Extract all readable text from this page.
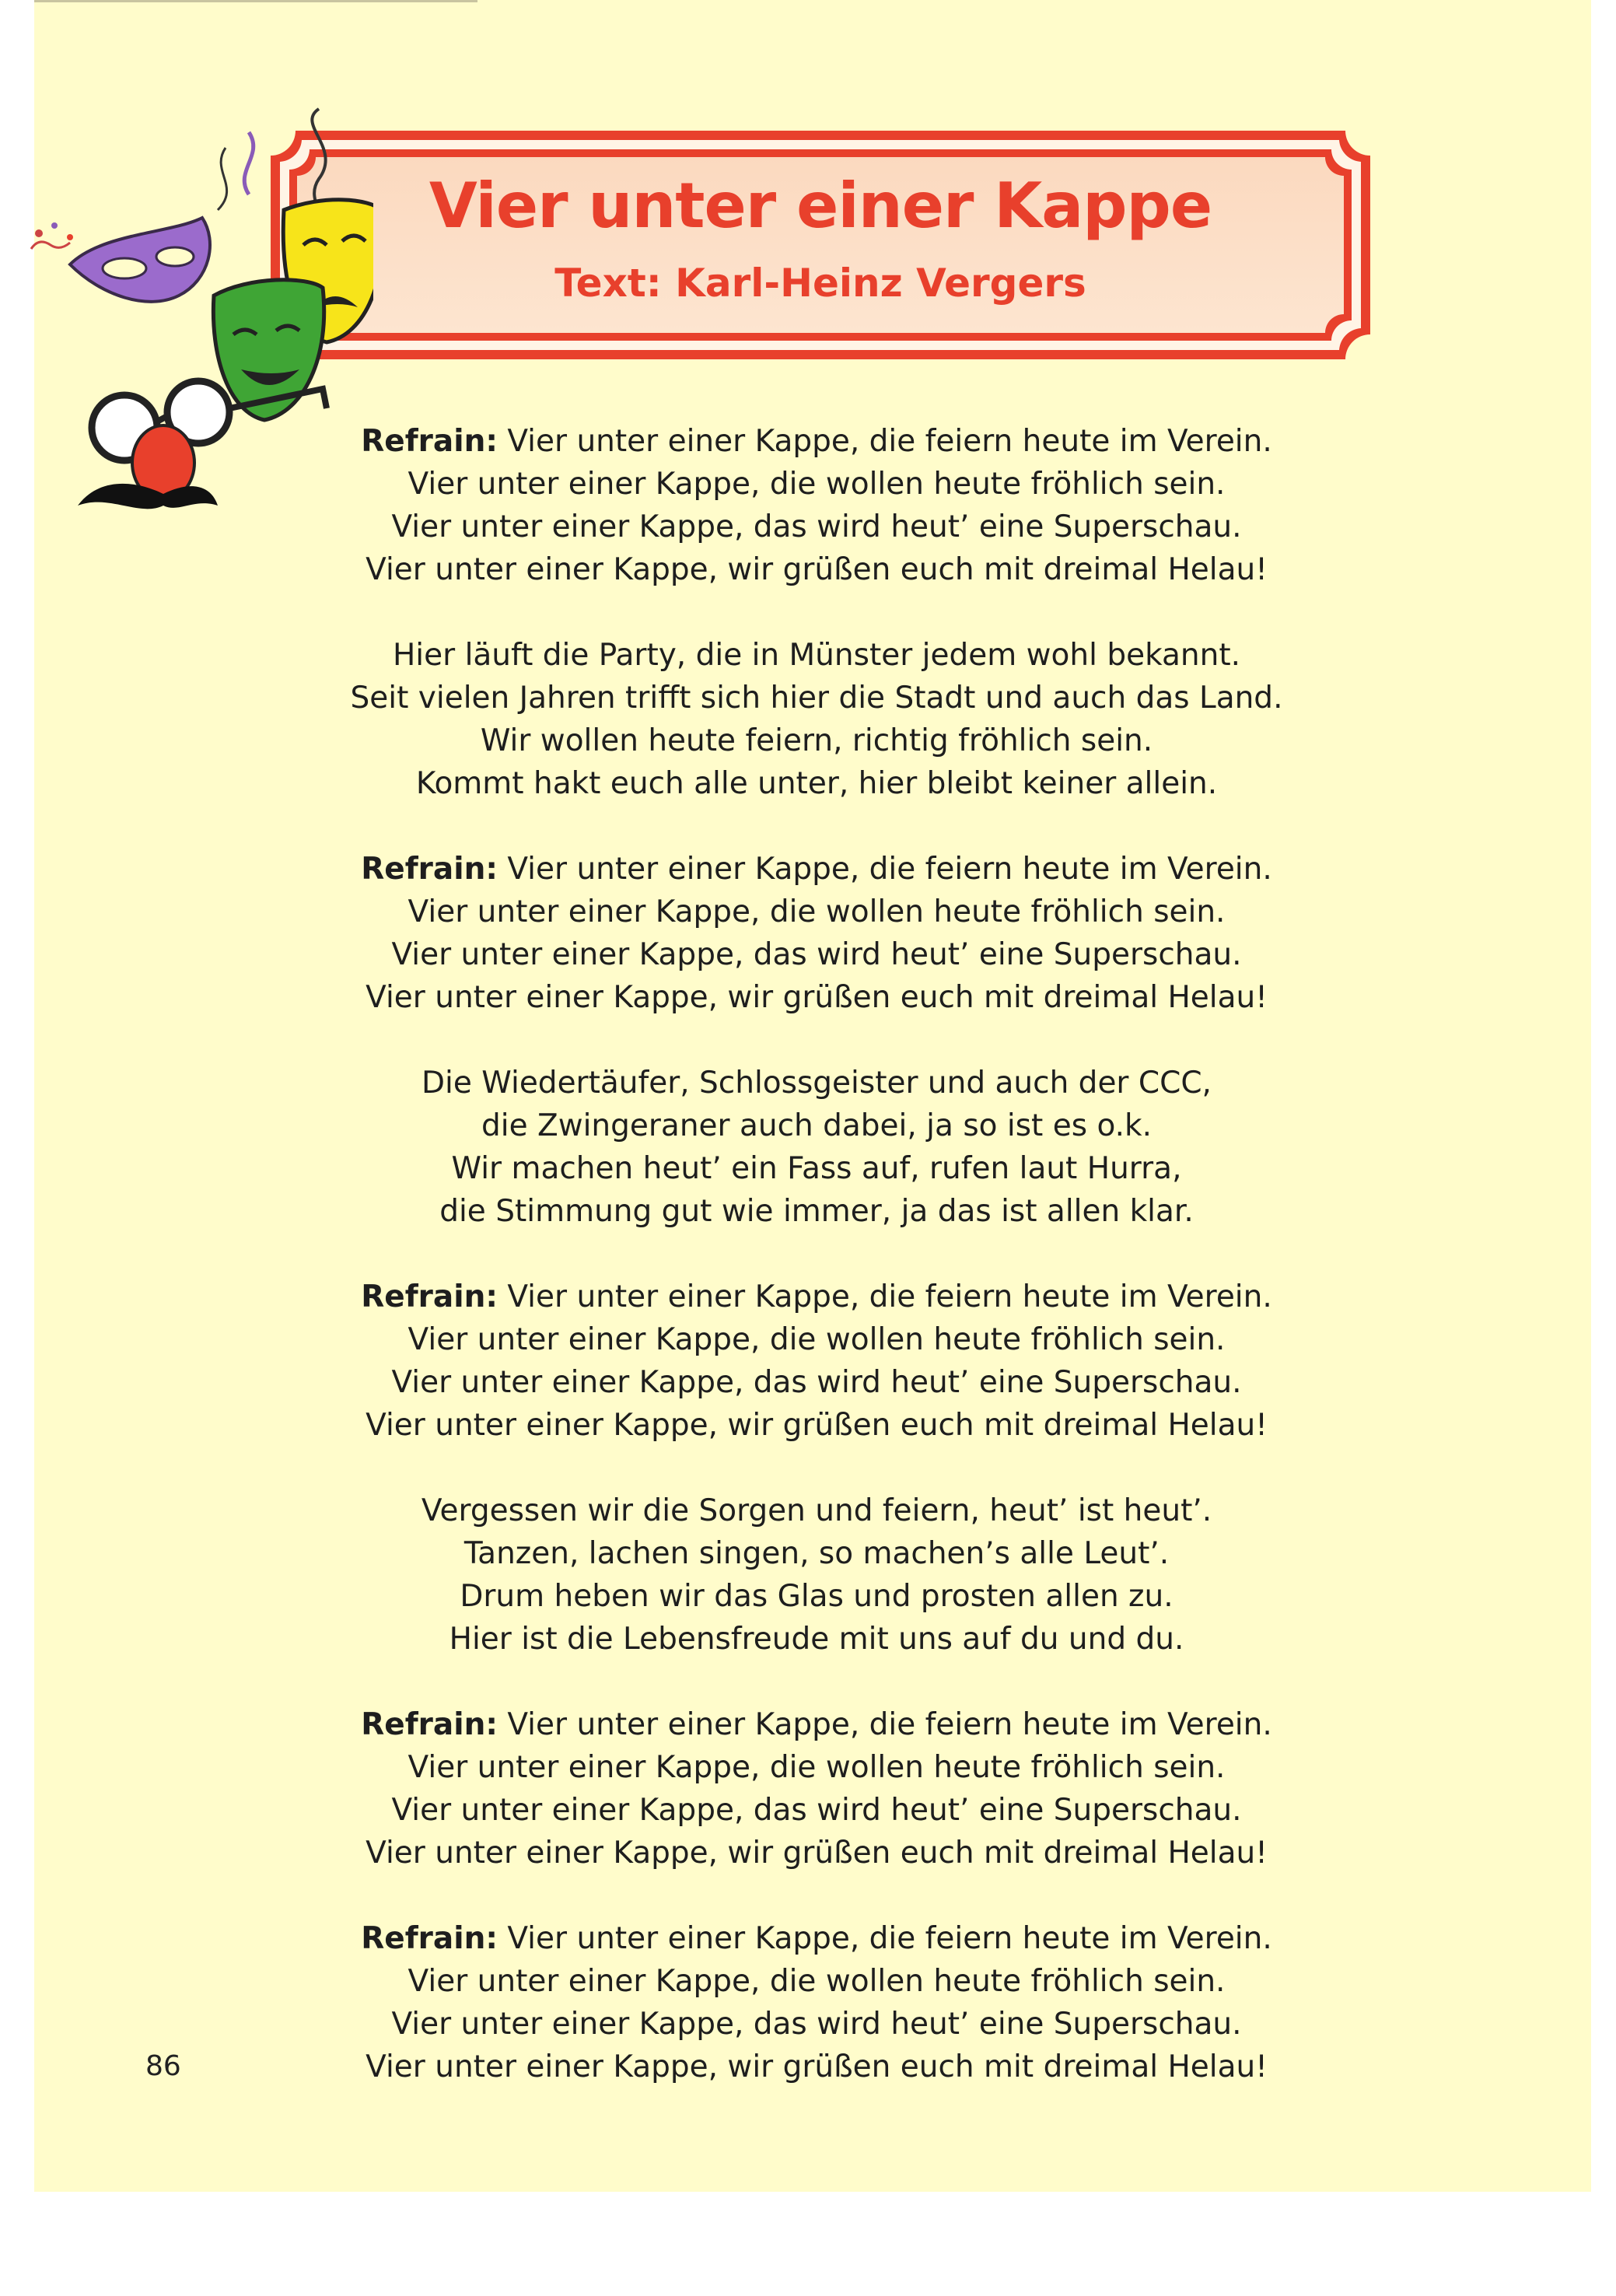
Vier unter einer Kappe
Text: Karl-Heinz Vergers
Refrain: Vier unter einer Kappe, die feiern heute im Verein.
Vier unter einer Kappe, die wollen heute fröhlich sein.
Vier unter einer Kappe, das wird heut’ eine Superschau.
Vier unter einer Kappe, wir grüßen euch mit dreimal Helau!
Hier läuft die Party, die in Münster jedem wohl bekannt.
Seit vielen Jahren trifft sich hier die Stadt und auch das Land.
Wir wollen heute feiern, richtig fröhlich sein.
Kommt hakt euch alle unter, hier bleibt keiner allein.
Refrain: Vier unter einer Kappe, die feiern heute im Verein.
Vier unter einer Kappe, die wollen heute fröhlich sein.
Vier unter einer Kappe, das wird heut’ eine Superschau.
Vier unter einer Kappe, wir grüßen euch mit dreimal Helau!
Die Wiedertäufer, Schlossgeister und auch der CCC,
die Zwingeraner auch dabei, ja so ist es o.k.
Wir machen heut’ ein Fass auf, rufen laut Hurra,
die Stimmung gut wie immer, ja das ist allen klar.
Refrain: Vier unter einer Kappe, die feiern heute im Verein.
Vier unter einer Kappe, die wollen heute fröhlich sein.
Vier unter einer Kappe, das wird heut’ eine Superschau.
Vier unter einer Kappe, wir grüßen euch mit dreimal Helau!
Vergessen wir die Sorgen und feiern, heut’ ist heut’.
Tanzen, lachen singen, so machen’s alle Leut’.
Drum heben wir das Glas und prosten allen zu.
Hier ist die Lebensfreude mit uns auf du und du.
Refrain: Vier unter einer Kappe, die feiern heute im Verein.
Vier unter einer Kappe, die wollen heute fröhlich sein.
Vier unter einer Kappe, das wird heut’ eine Superschau.
Vier unter einer Kappe, wir grüßen euch mit dreimal Helau!
Refrain: Vier unter einer Kappe, die feiern heute im Verein.
Vier unter einer Kappe, die wollen heute fröhlich sein.
Vier unter einer Kappe, das wird heut’ eine Superschau.
Vier unter einer Kappe, wir grüßen euch mit dreimal Helau!
86
